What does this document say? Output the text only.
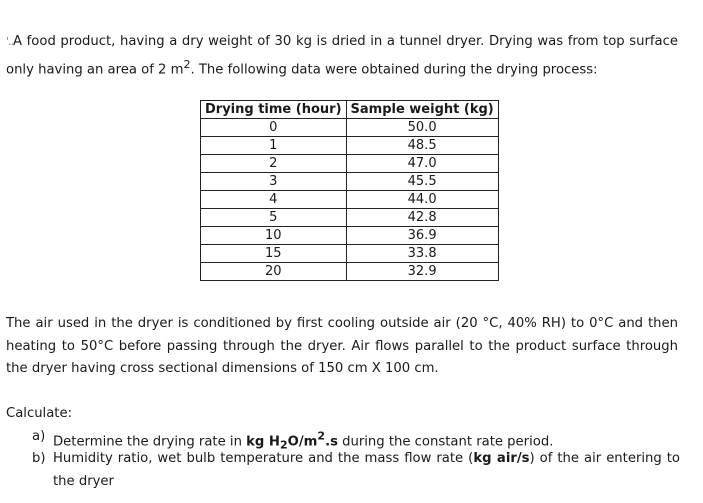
'..A food product, having a dry weight of 30 kg is dried in a tunnel dryer. Drying was from top surface only having an area of 2 $m^2$. The following data were obtained during the drying process:

Drying time (hour)	Sample weight (kg)
0	50.0
1	48.5
2	47.0
3	45.5
4	44.0
5	42.8
10	36.9
15	33.8
20	32.9

The air used in the dryer is conditioned by first cooling outside air (20 °C, 40% RH) to 0°C and then heating to 50°C before passing through the dryer. Air flows parallel to the product surface through the dryer having cross sectional dimensions of 150 cm X 100 cm.

Calculate:

a) Determine the drying rate in kg $H_2O/m^2.s$ during the constant rate period.
b) Humidity ratio, wet bulb temperature and the mass flow rate (kg air/s) of the air entering to the dryer
